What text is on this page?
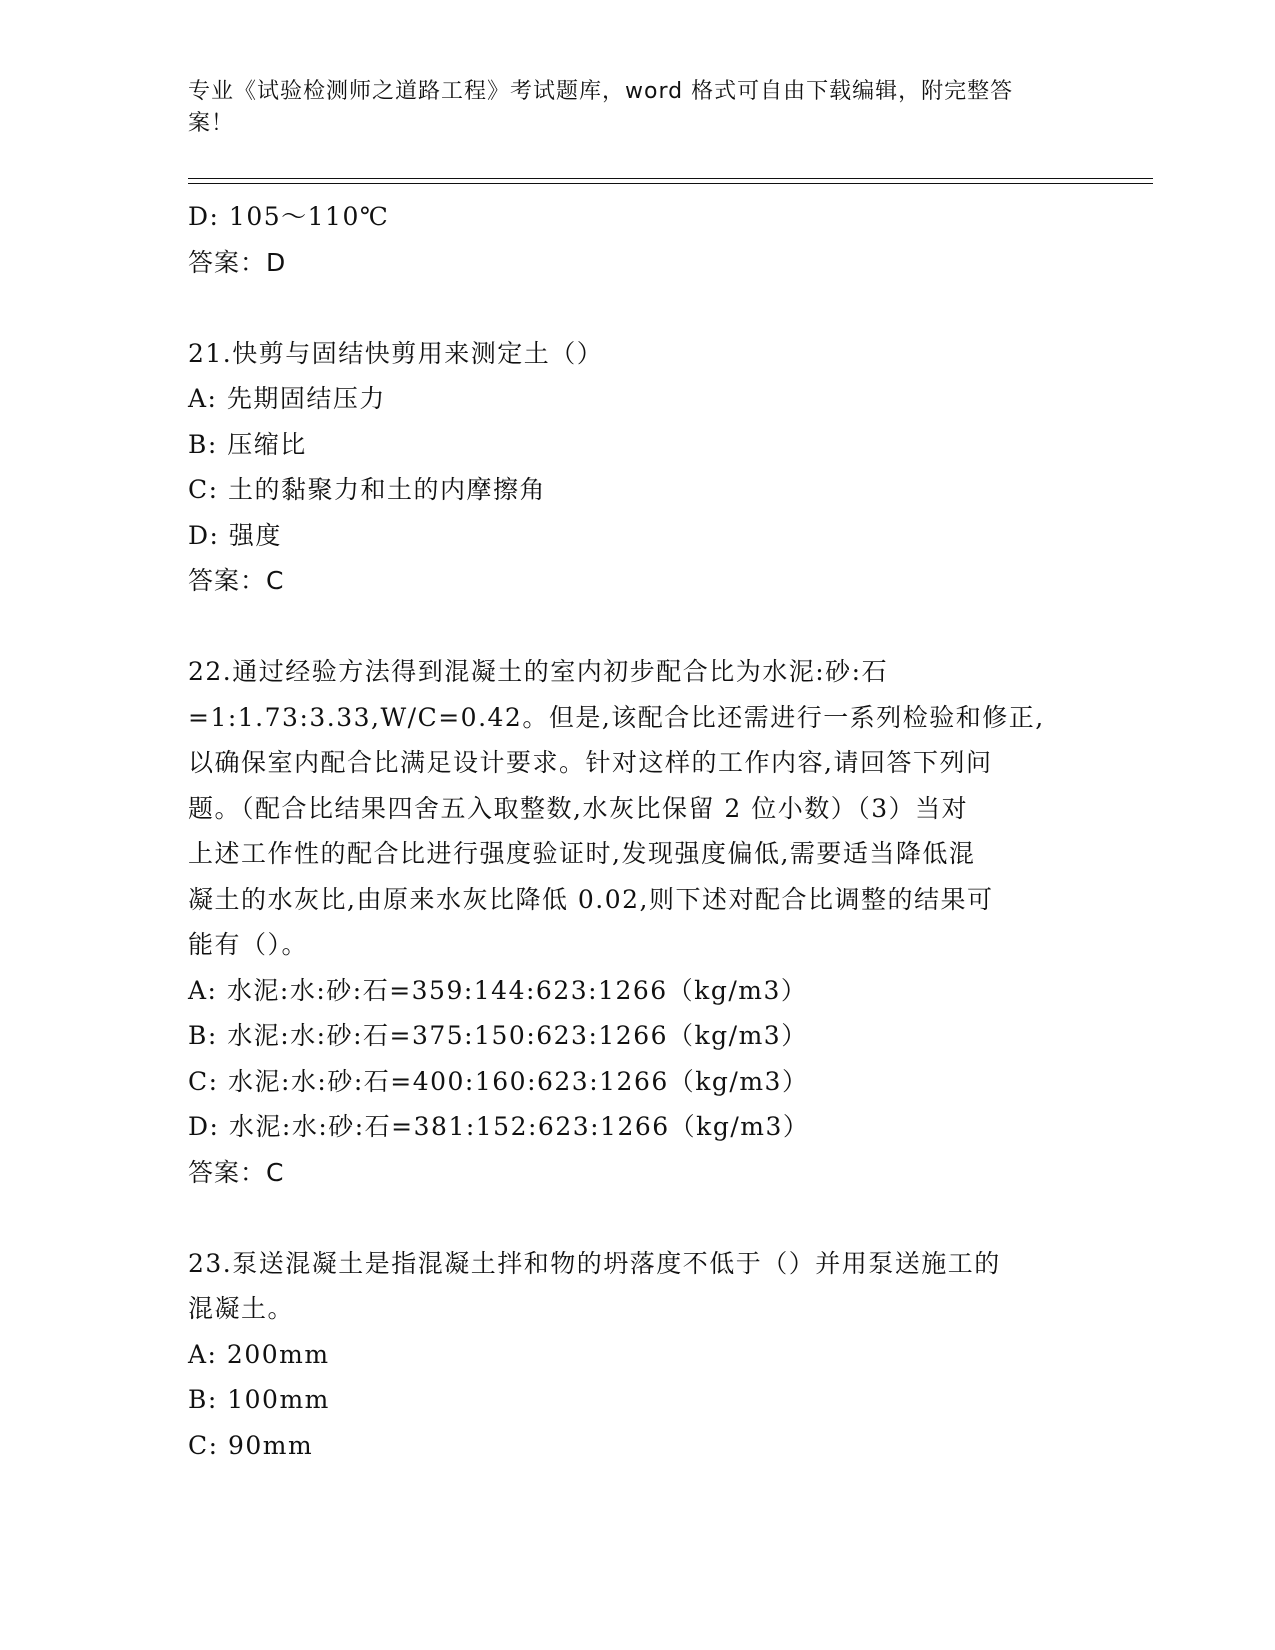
专业《试验检测师之道路工程》考试题库，word 格式可自由下载编辑，附完整答
案！
D: 105～110℃
答案：D
21.快剪与固结快剪用来测定土（）
A: 先期固结压力
B: 压缩比
C: 土的黏聚力和土的内摩擦角
D: 强度
答案：C
22.通过经验方法得到混凝土的室内初步配合比为水泥:砂:石
=1:1.73:3.33,W/C=0.42。但是,该配合比还需进行一系列检验和修正,
以确保室内配合比满足设计要求。针对这样的工作内容,请回答下列问
题。（配合比结果四舍五入取整数,水灰比保留 2 位小数）（3）当对
上述工作性的配合比进行强度验证时,发现强度偏低,需要适当降低混
凝土的水灰比,由原来水灰比降低 0.02,则下述对配合比调整的结果可
能有（）。
A: 水泥:水:砂:石=359:144:623:1266（kg/m3）
B: 水泥:水:砂:石=375:150:623:1266（kg/m3）
C: 水泥:水:砂:石=400:160:623:1266（kg/m3）
D: 水泥:水:砂:石=381:152:623:1266（kg/m3）
答案：C
23.泵送混凝土是指混凝土拌和物的坍落度不低于（）并用泵送施工的
混凝土。
A: 200mm
B: 100mm
C: 90mm
